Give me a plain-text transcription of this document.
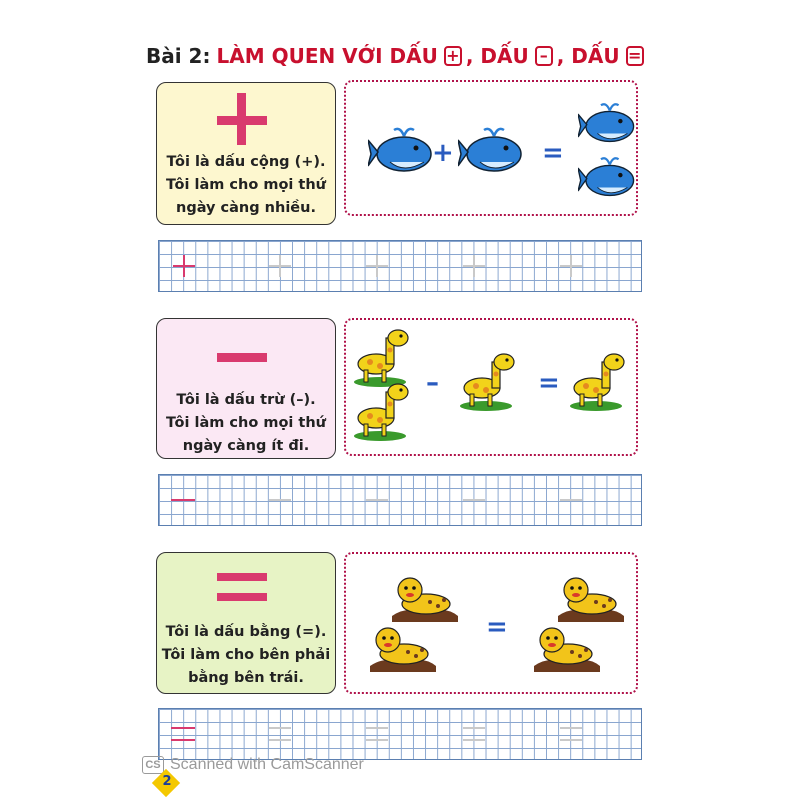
Bài 2: LÀM QUEN VỚI DẤU + , DẤU – , DẤU =
Tôi là dấu cộng (+).
Tôi làm cho mọi thứ
ngày càng nhiều.
+	=
Tôi là dấu trừ (–).
Tôi làm cho mọi thứ
ngày càng ít đi.
–	=
Tôi là dấu bằng (=).
Tôi làm cho bên phải
bằng bên trái.
=
CS Scanned with CamScanner
2
